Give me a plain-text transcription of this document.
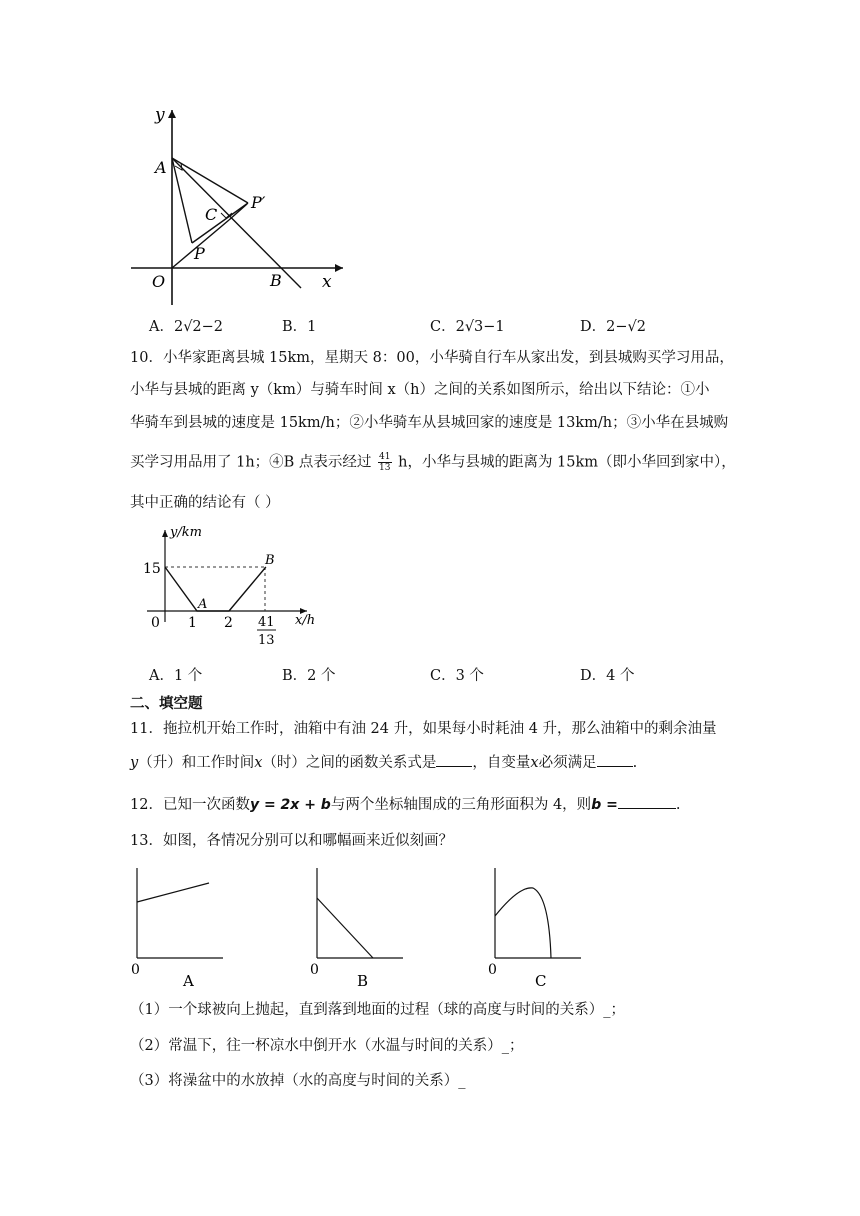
y
A
P′
C
P
O	B x
A．2√2−2	B．1	C．2√3−1	D．2−√2
10．小华家距离县城 15km，星期天 8：00，小华骑自行车从家出发，到县城购买学习用品，
小华与县城的距离 y（km）与骑车时间 x（h）之间的关系如图所示，给出以下结论：①小
华骑车到县城的速度是 15km/h；②小华骑车从县城回家的速度是 13km/h；③小华在县城购
买学习用品用了 1h；④B 点表示经过 $\frac{41}{13}$ h，小华与县城的距离为 15km（即小华回到家中），
其中正确的结论有（ ）
y/km
x/h
15
0 1 2 41
13
A
B
A．1 个	B．2 个	C．3 个	D．4 个
二、填空题
11．拖拉机开始工作时，油箱中有油 24 升，如果每小时耗油 4 升，那么油箱中的剩余油量
y（升）和工作时间x（时）之间的函数关系式是 ，自变量x必须满足 .
12．已知一次函数y = 2x + b与两个坐标轴围成的三角形面积为 4，则b =	.
13．如图，各情况分别可以和哪幅画来近似刻画？
0
A
0
B
0
C
（1）一个球被向上抛起，直到落到地面的过程（球的高度与时间的关系）_；
（2）常温下，往一杯凉水中倒开水（水温与时间的关系）_；
（3）将澡盆中的水放掉（水的高度与时间的关系）_
